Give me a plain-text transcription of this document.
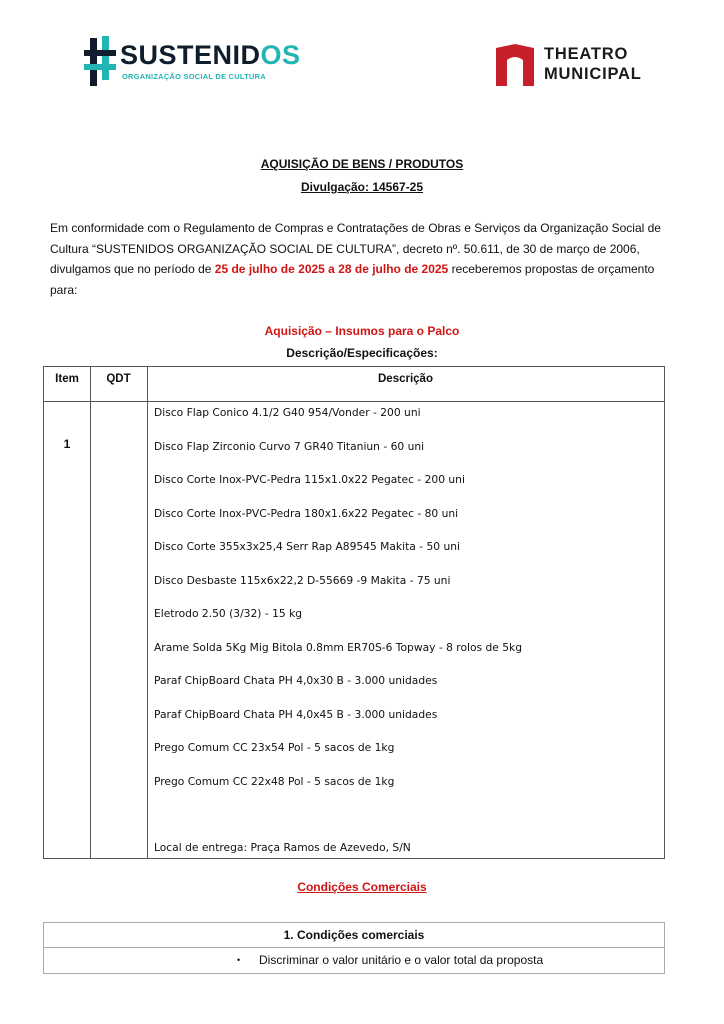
SUSTENIDOS
ORGANIZAÇÃO SOCIAL DE CULTURA
THEATRO
MUNICIPAL
AQUISIÇÃO DE BENS / PRODUTOS
Divulgação: 14567-25
Em conformidade com o Regulamento de Compras e Contratações de Obras e Serviços da Organização Social de
Cultura “SUSTENIDOS ORGANIZAÇÃO SOCIAL DE CULTURA”, decreto nº. 50.611, de 30 de março de 2006,
divulgamos que no período de 25 de julho de 2025 a 28 de julho de 2025 receberemos propostas de orçamento
para:
Aquisição – Insumos para o Palco
Descrição/Especificações:
Item	QDT	Descrição
1
Disco Flap Conico 4.1/2 G40 954/Vonder - 200 uni
Disco Flap Zirconio Curvo 7 GR40 Titaniun - 60 uni
Disco Corte Inox-PVC-Pedra 115x1.0x22 Pegatec - 200 uni
Disco Corte Inox-PVC-Pedra 180x1.6x22 Pegatec - 80 uni
Disco Corte 355x3x25,4 Serr Rap A89545 Makita - 50 uni
Disco Desbaste 115x6x22,2 D-55669 -9 Makita - 75 uni
Eletrodo 2.50 (3/32) - 15 kg
Arame Solda 5Kg Mig Bitola 0.8mm ER70S-6 Topway - 8 rolos de 5kg
Paraf ChipBoard Chata PH 4,0x30 B - 3.000 unidades
Paraf ChipBoard Chata PH 4,0x45 B - 3.000 unidades
Prego Comum CC 23x54 Pol - 5 sacos de 1kg
Prego Comum CC 22x48 Pol - 5 sacos de 1kg
Local de entrega: Praça Ramos de Azevedo, S/N
Condições Comerciais
1. Condições comerciais
• Discriminar o valor unitário e o valor total da proposta
